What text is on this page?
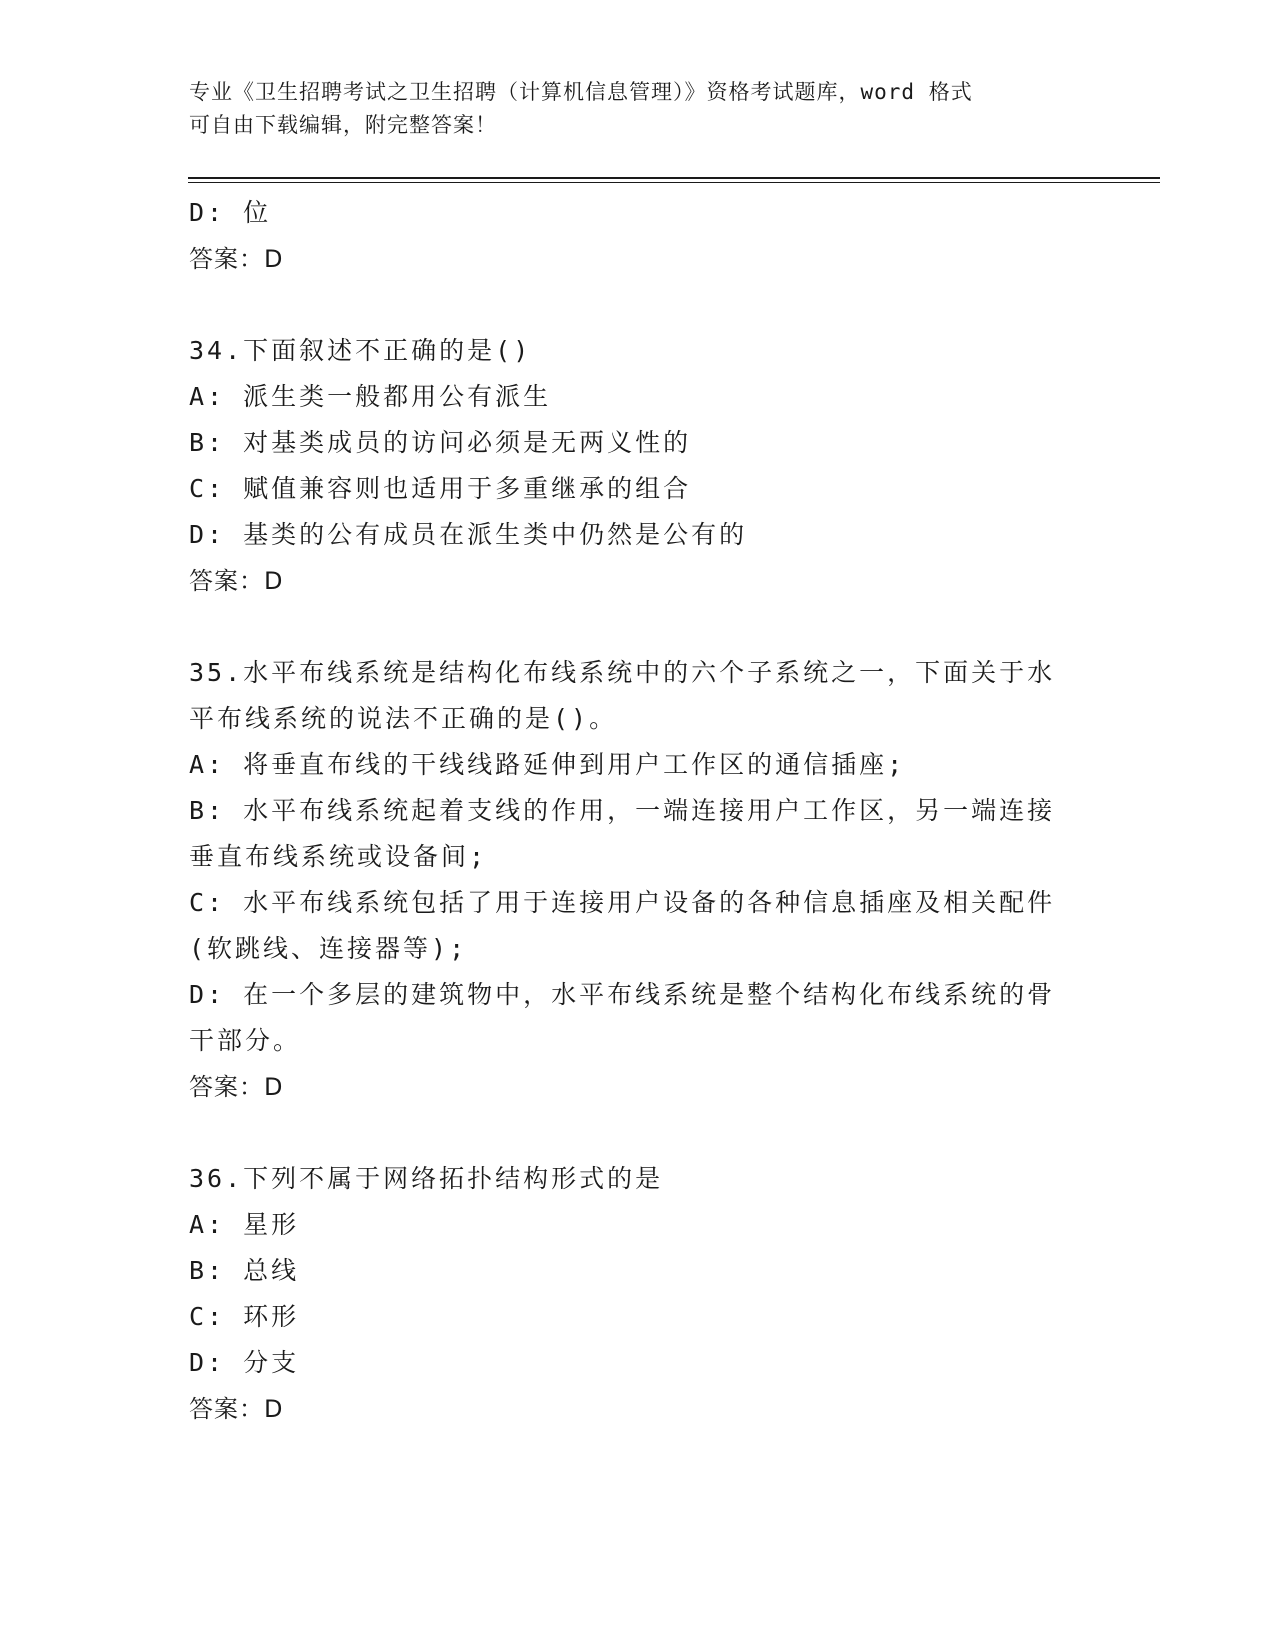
专业《卫生招聘考试之卫生招聘（计算机信息管理）》资格考试题库，word 格式
可自由下载编辑，附完整答案！
D: 位
答案：D
34.下面叙述不正确的是()
A: 派生类一般都用公有派生
B: 对基类成员的访问必须是无两义性的
C: 赋值兼容则也适用于多重继承的组合
D: 基类的公有成员在派生类中仍然是公有的
答案：D
35.水平布线系统是结构化布线系统中的六个子系统之一，下面关于水
平布线系统的说法不正确的是()。
A: 将垂直布线的干线线路延伸到用户工作区的通信插座;
B: 水平布线系统起着支线的作用，一端连接用户工作区，另一端连接
垂直布线系统或设备间;
C: 水平布线系统包括了用于连接用户设备的各种信息插座及相关配件
(软跳线、连接器等);
D: 在一个多层的建筑物中，水平布线系统是整个结构化布线系统的骨
干部分。
答案：D
36.下列不属于网络拓扑结构形式的是
A: 星形
B: 总线
C: 环形
D: 分支
答案：D
